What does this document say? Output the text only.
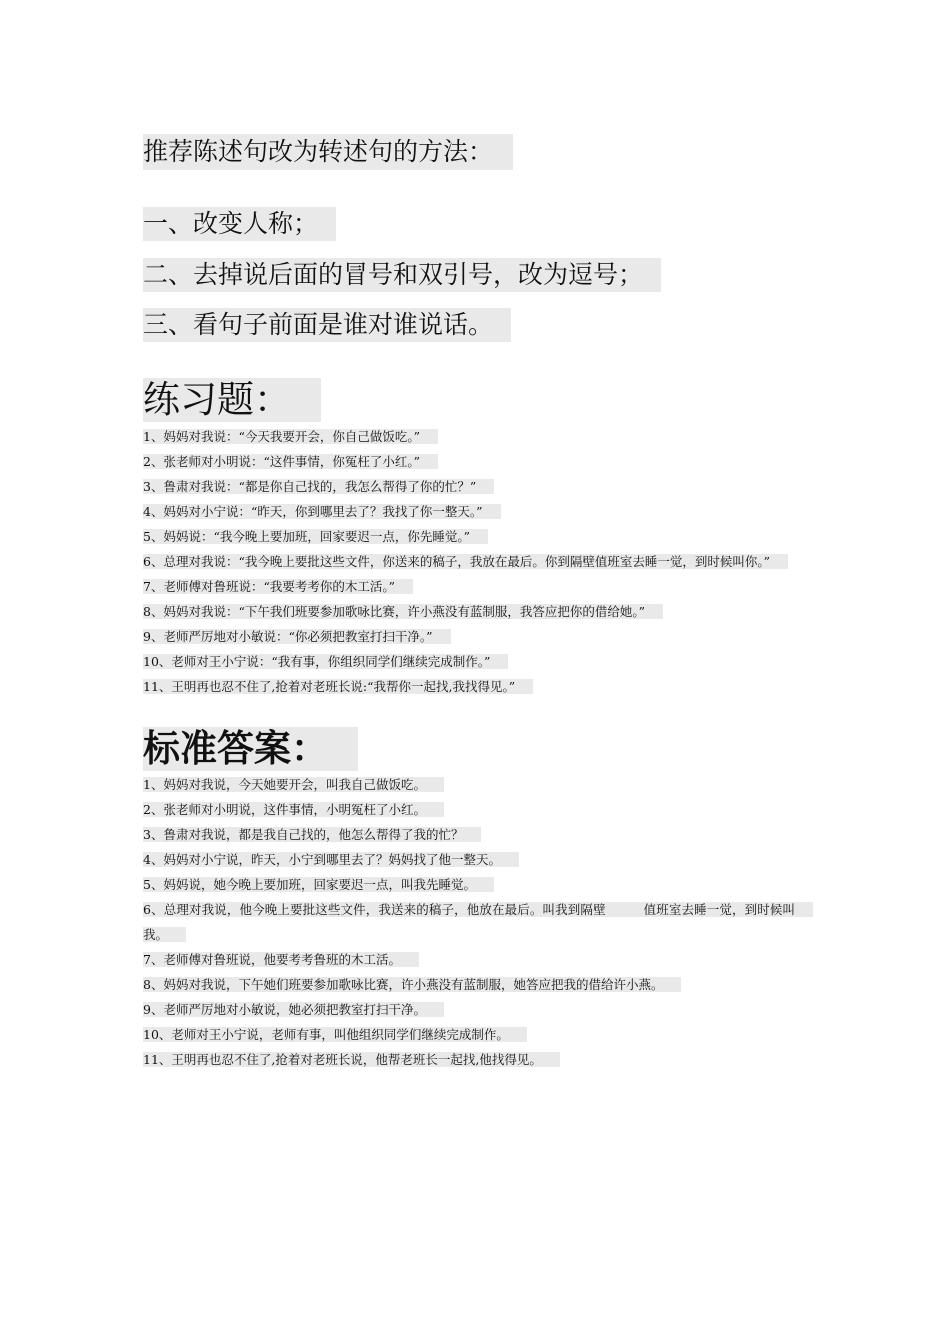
推荐陈述句改为转述句的方法：
一、改变人称；
二、去掉说后面的冒号和双引号，改为逗号；
三、看句子前面是谁对谁说话。
练习题：
1、妈妈对我说：“今天我要开会，你自己做饭吃。”
2、张老师对小明说：“这件事情，你冤枉了小红。”
3、鲁肃对我说：“都是你自己找的，我怎么帮得了你的忙？”
4、妈妈对小宁说：“昨天，你到哪里去了？我找了你一整天。”
5、妈妈说：“我今晚上要加班，回家要迟一点，你先睡觉。”
6、总理对我说：“我今晚上要批这些文件，你送来的稿子，我放在最后。你到隔壁值班室去睡一觉，到时候叫你。”
7、老师傅对鲁班说：“我要考考你的木工活。”
8、妈妈对我说：“下午我们班要参加歌咏比赛，许小燕没有蓝制服，我答应把你的借给她。”
9、老师严厉地对小敏说：“你必须把教室打扫干净。”
10、老师对王小宁说：“我有事，你组织同学们继续完成制作。”
11、王明再也忍不住了,抢着对老班长说:“我帮你一起找,我找得见。”
标准答案：
1、妈妈对我说，今天她要开会，叫我自己做饭吃。
2、张老师对小明说，这件事情，小明冤枉了小红。
3、鲁肃对我说，都是我自己找的，他怎么帮得了我的忙？
4、妈妈对小宁说，昨天，小宁到哪里去了？妈妈找了他一整天。
5、妈妈说，她今晚上要加班，回家要迟一点，叫我先睡觉。
6、总理对我说，他今晚上要批这些文件，我送来的稿子，他放在最后。叫我到隔壁　　　值班室去睡一觉，到时候叫我。
7、老师傅对鲁班说，他要考考鲁班的木工活。
8、妈妈对我说，下午她们班要参加歌咏比赛，许小燕没有蓝制服，她答应把我的借给许小燕。
9、老师严厉地对小敏说，她必须把教室打扫干净。
10、老师对王小宁说，老师有事，叫他组织同学们继续完成制作。
11、王明再也忍不住了,抢着对老班长说，他帮老班长一起找,他找得见。
